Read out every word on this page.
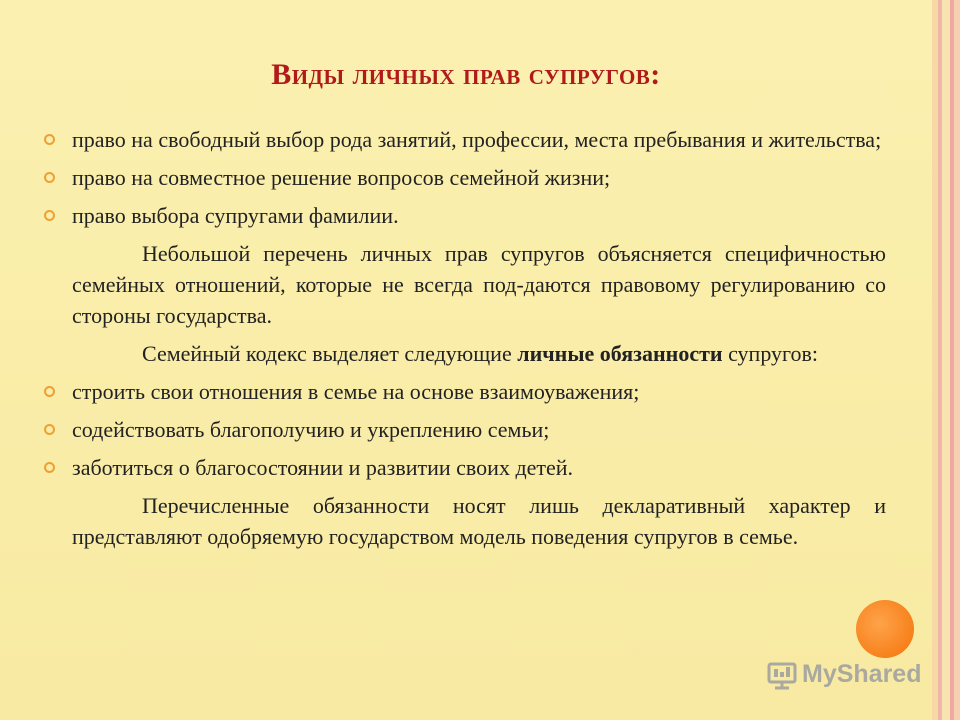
Виды личных прав супругов:
право на свободный выбор рода занятий, профессии, места пребывания и жительства;
право на совместное решение вопросов семейной жизни;
право выбора супругами фамилии.
Небольшой перечень личных прав супругов объясняется специфичностью семейных отношений, которые не всегда под-даются правовому регулированию со стороны государства.
Семейный кодекс выделяет следующие личные обязанности супругов:
строить свои отношения в семье на основе взаимоуважения;
содействовать благополучию и укреплению семьи;
заботиться о благосостоянии и развитии своих детей.
Перечисленные обязанности носят лишь декларативный характер и представляют одобряемую государством модель поведения супругов в семье.
MyShared
